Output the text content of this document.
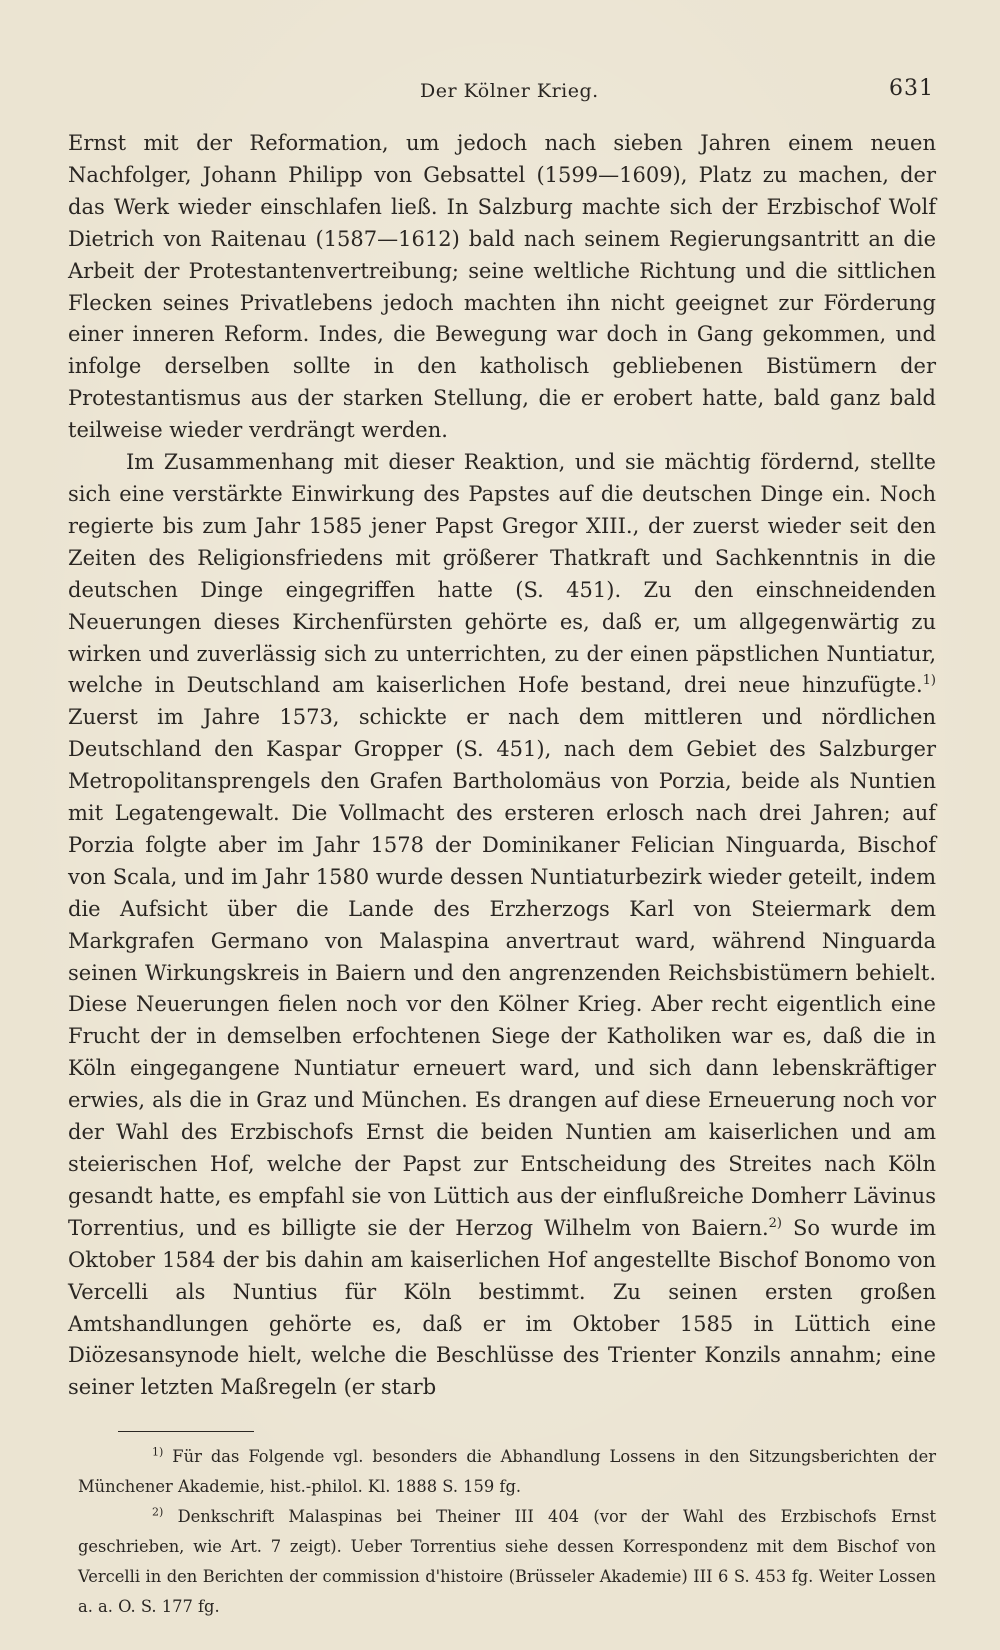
Der Kölner Krieg.	631

Ernst mit der Reformation, um jedoch nach sieben Jahren einem neuen Nachfolger, Johann Philipp von Gebsattel (1599—1609), Platz zu machen, der das Werk wieder einschlafen ließ. In Salzburg machte sich der Erzbischof Wolf Dietrich von Raitenau (1587—1612) bald nach seinem Regierungsantritt an die Arbeit der Protestantenvertreibung; seine weltliche Richtung und die sittlichen Flecken seines Privatlebens jedoch machten ihn nicht geeignet zur Förderung einer inneren Reform. Indes, die Bewegung war doch in Gang gekommen, und infolge derselben sollte in den katholisch gebliebenen Bistümern der Protestantismus aus der starken Stellung, die er erobert hatte, bald ganz bald teilweise wieder verdrängt werden.

Im Zusammenhang mit dieser Reaktion, und sie mächtig fördernd, stellte sich eine verstärkte Einwirkung des Papstes auf die deutschen Dinge ein. Noch regierte bis zum Jahr 1585 jener Papst Gregor XIII., der zuerst wieder seit den Zeiten des Religionsfriedens mit größerer Thatkraft und Sachkenntnis in die deutschen Dinge eingegriffen hatte (S. 451). Zu den einschneidenden Neuerungen dieses Kirchenfürsten gehörte es, daß er, um allgegenwärtig zu wirken und zuverlässig sich zu unterrichten, zu der einen päpstlichen Nuntiatur, welche in Deutschland am kaiserlichen Hofe bestand, drei neue hinzufügte.$^{1)}$ Zuerst im Jahre 1573, schickte er nach dem mittleren und nördlichen Deutschland den Kaspar Gropper (S. 451), nach dem Gebiet des Salzburger Metropolitansprengels den Grafen Bartholomäus von Porzia, beide als Nuntien mit Legatengewalt. Die Vollmacht des ersteren erlosch nach drei Jahren; auf Porzia folgte aber im Jahr 1578 der Dominikaner Felician Ninguarda, Bischof von Scala, und im Jahr 1580 wurde dessen Nuntiaturbezirk wieder geteilt, indem die Aufsicht über die Lande des Erzherzogs Karl von Steiermark dem Markgrafen Germano von Malaspina anvertraut ward, während Ninguarda seinen Wirkungskreis in Baiern und den angrenzenden Reichsbistümern behielt. Diese Neuerungen fielen noch vor den Kölner Krieg. Aber recht eigentlich eine Frucht der in demselben erfochtenen Siege der Katholiken war es, daß die in Köln eingegangene Nuntiatur erneuert ward, und sich dann lebenskräftiger erwies, als die in Graz und München. Es drangen auf diese Erneuerung noch vor der Wahl des Erzbischofs Ernst die beiden Nuntien am kaiserlichen und am steierischen Hof, welche der Papst zur Entscheidung des Streites nach Köln gesandt hatte, es empfahl sie von Lüttich aus der einflußreiche Domherr Lävinus Torrentius, und es billigte sie der Herzog Wilhelm von Baiern.$^{2)}$ So wurde im Oktober 1584 der bis dahin am kaiserlichen Hof angestellte Bischof Bonomo von Vercelli als Nuntius für Köln bestimmt. Zu seinen ersten großen Amtshandlungen gehörte es, daß er im Oktober 1585 in Lüttich eine Diözesansynode hielt, welche die Beschlüsse des Trienter Konzils annahm; eine seiner letzten Maßregeln (er starb

$^{1)}$ Für das Folgende vgl. besonders die Abhandlung Lossens in den Sitzungsberichten der Münchener Akademie, hist.-philol. Kl. 1888 S. 159 fg.

$^{2)}$ Denkschrift Malaspinas bei Theiner III 404 (vor der Wahl des Erzbischofs Ernst geschrieben, wie Art. 7 zeigt). Ueber Torrentius siehe dessen Korrespondenz mit dem Bischof von Vercelli in den Berichten der commission d'histoire (Brüsseler Akademie) III 6 S. 453 fg. Weiter Lossen a. a. O. S. 177 fg.
